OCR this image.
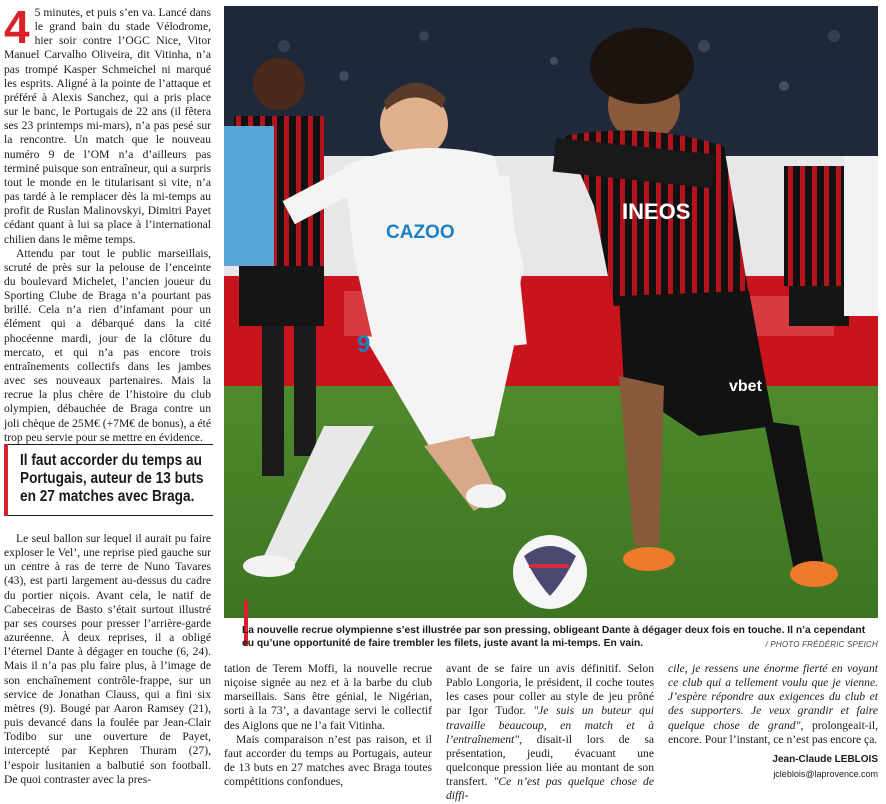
4 5 minutes, et puis s’en va. Lancé dans le grand bain du stade Vélodrome, hier soir contre l’OGC Nice, Vitor Manuel Carvalho Oliveira, dit Vitinha, n’a pas trompé Kasper Schmeichel ni marqué les esprits. Aligné à la pointe de l’attaque et préféré à Alexis Sanchez, qui a pris place sur le banc, le Portugais de 22 ans (il fêtera ses 23 printemps mi-mars), n’a pas pesé sur la rencontre. Un match que le nouveau numéro 9 de l’OM n’a d’ailleurs pas terminé puisque son entraîneur, qui a surpris tout le monde en le titularisant si vite, n’a pas tardé à le remplacer dès la mi-temps au profit de Ruslan Malinovskyi, Dimitri Payet cédant quant à lui sa place à l’international chilien dans le même temps.

Attendu par tout le public marseillais, scruté de près sur la pelouse de l’enceinte du boulevard Michelet, l’ancien joueur du Sporting Clube de Braga n’a pourtant pas brillé. Cela n’a rien d’infamant pour un élément qui a débarqué dans la cité phocéenne mardi, jour de la clôture du mercato, et qui n’a pas encore trois entraînements collectifs dans les jambes avec ses nouveaux partenaires. Mais la recrue la plus chère de l’histoire du club olympien, débauchée de Braga contre un joli chèque de 25M€ (+7M€ de bonus), a été trop peu servie pour se mettre en évidence.

Il faut accorder du temps au Portugais, auteur de 13 buts en 27 matches avec Braga.

Le seul ballon sur lequel il aurait pu faire exploser le Vel’, une reprise pied gauche sur un centre à ras de terre de Nuno Tavares (43), est parti largement au-dessus du cadre du portier niçois. Avant cela, le natif de Cabeceiras de Basto s’était surtout illustré par ses courses pour presser l’arrière-garde azuréenne. À deux reprises, il a obligé l’éternel Dante à dégager en touche (6, 24). Mais il n’a pas plu faire plus, à l’image de son enchaînement contrôle-frappe, sur un service de Jonathan Clauss, qui a fini six mètres (9). Bougé par Aaron Ramsey (21), puis devancé dans la foulée par Jean-Clair Todibo sur une ouverture de Payet, intercepté par Kephren Thuram (27), l’espoir lusitanien a balbutié son football. De quoi contraster avec la pres-

CAZOO
9
INEOS
vbet
La nouvelle recrue olympienne s’est illustrée par son pressing, obligeant Dante à dégager deux fois en touche. Il n’a cependant eu qu’une opportunité de faire trembler les filets, juste avant la mi-temps. En vain.	/ PHOTO FRÉDÉRIC SPEICH

tation de Terem Moffi, la nouvelle recrue niçoise signée au nez et à la barbe du club marseillais. Sans être génial, le Nigérian, sorti à la 73’, a davantage servi le collectif des Aiglons que ne l’a fait Vitinha.

Mais comparaison n’est pas raison, et il faut accorder du temps au Portugais, auteur de 13 buts en 27 matches avec Braga toutes compétitions confondues,

avant de se faire un avis définitif. Selon Pablo Longoria, le président, il coche toutes les cases pour coller au style de jeu prôné par Igor Tudor. "Je suis un buteur qui travaille beaucoup, en match et à l’entraînement", disait-il lors de sa présentation, jeudi, évacuant une quelconque pression liée au montant de son transfert. "Ce n’est pas quelque chose de diffi-

cile, je ressens une énorme fierté en voyant ce club qui a tellement voulu que je vienne. J’espère répondre aux exigences du club et des supporters. Je veux grandir et faire quelque chose de grand", prolongeait-il, encore. Pour l’instant, ce n’est pas encore ça.

Jean-Claude LEBLOIS
jcleblois@laprovence.com
